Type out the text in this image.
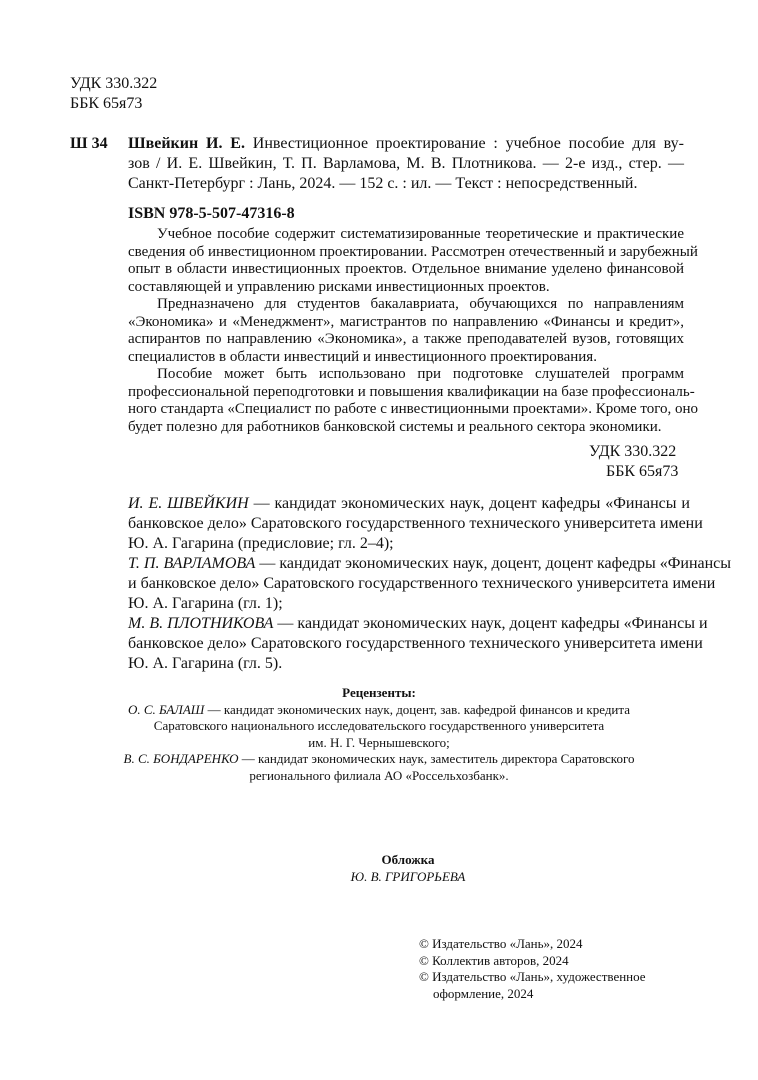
УДК 330.322
ББК 65я73
Ш 34 Швейкин И. Е. Инвестиционное проектирование : учебное пособие для ву-
зов / И. Е. Швейкин, Т. П. Варламова, М. В. Плотникова. — 2-е изд., стер. —
Санкт-Петербург : Лань, 2024. — 152 с. : ил. — Текст : непосредственный.
ISBN 978-5-507-47316-8
Учебное пособие содержит систематизированные теоретические и практические
сведения об инвестиционном проектировании. Рассмотрен отечественный и зарубежный
опыт в области инвестиционных проектов. Отдельное внимание уделено финансовой
составляющей и управлению рисками инвестиционных проектов.
Предназначено для студентов бакалавриата, обучающихся по направлениям
«Экономика» и «Менеджмент», магистрантов по направлению «Финансы и кредит»,
аспирантов по направлению «Экономика», а также преподавателей вузов, готовящих
специалистов в области инвестиций и инвестиционного проектирования.
Пособие может быть использовано при подготовке слушателей программ
профессиональной переподготовки и повышения квалификации на базе профессиональ-
ного стандарта «Специалист по работе с инвестиционными проектами». Кроме того, оно
будет полезно для работников банковской системы и реального сектора экономики.
УДК 330.322
ББК 65я73
И. Е. ШВЕЙКИН — кандидат экономических наук, доцент кафедры «Финансы и
банковское дело» Саратовского государственного технического университета имени
Ю. А. Гагарина (предисловие; гл. 2–4);
Т. П. ВАРЛАМОВА — кандидат экономических наук, доцент, доцент кафедры «Финансы
и банковское дело» Саратовского государственного технического университета имени
Ю. А. Гагарина (гл. 1);
М. В. ПЛОТНИКОВА — кандидат экономических наук, доцент кафедры «Финансы и
банковское дело» Саратовского государственного технического университета имени
Ю. А. Гагарина (гл. 5).
Рецензенты:
О. С. БАЛАШ — кандидат экономических наук, доцент, зав. кафедрой финансов и кредита
Саратовского национального исследовательского государственного университета
им. Н. Г. Чернышевского;
В. С. БОНДАРЕНКО — кандидат экономических наук, заместитель директора Саратовского
регионального филиала АО «Россельхозбанк».
Обложка
Ю. В. ГРИГОРЬЕВА
© Издательство «Лань», 2024
© Коллектив авторов, 2024
© Издательство «Лань», художественное
оформление, 2024
